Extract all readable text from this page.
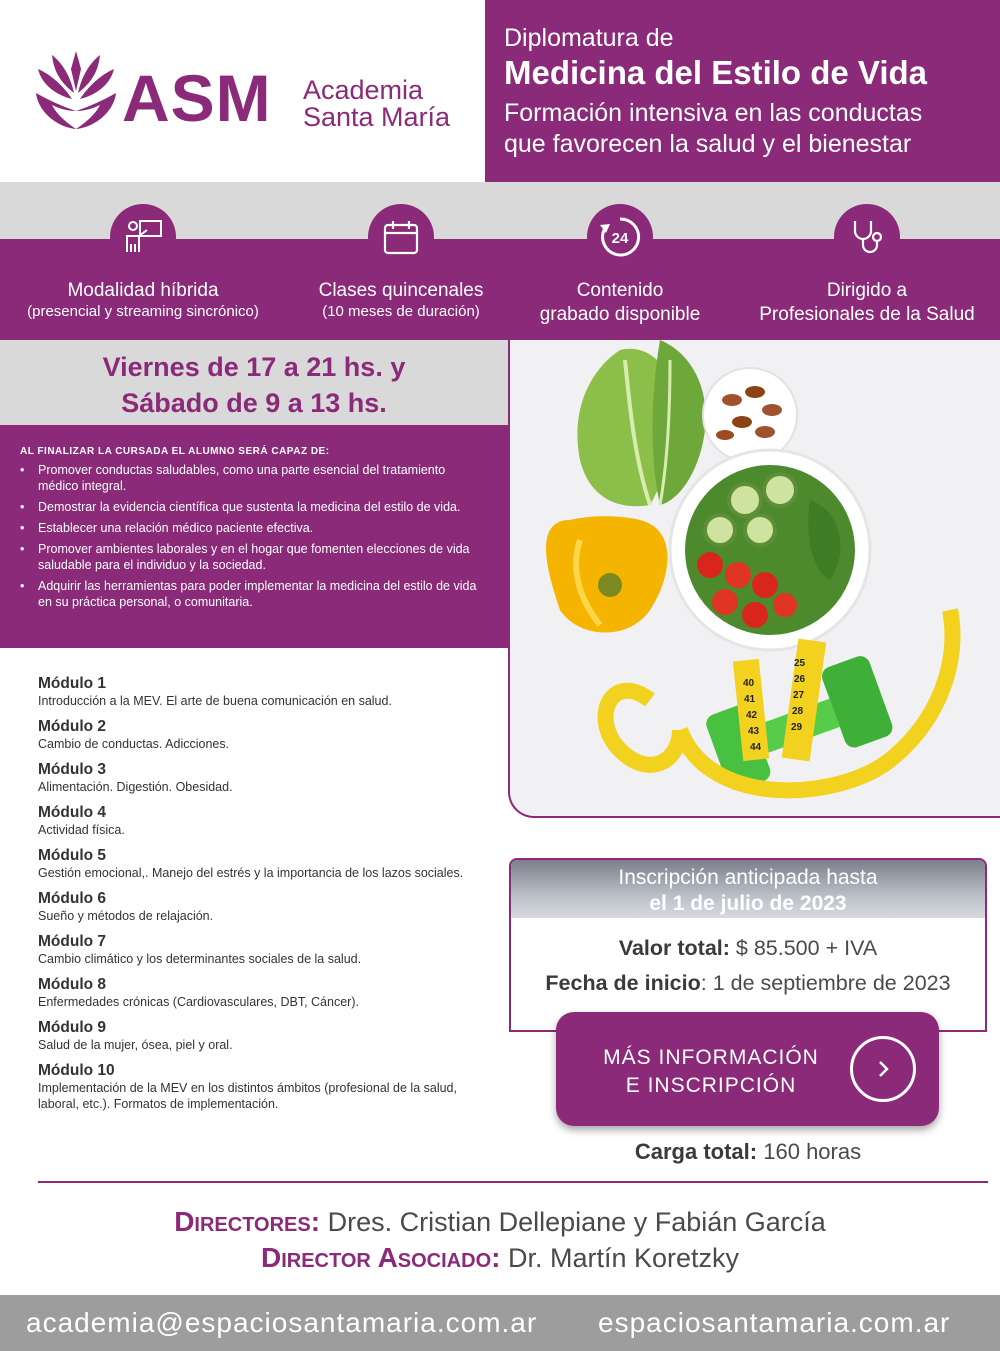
ASM Academia
Santa María
Diplomatura de
Medicina del Estilo de Vida
Formación intensiva en las conductas
que favorecen la salud y el bienestar
Modalidad híbrida
(presencial y streaming sincrónico)
Clases quincenales
(10 meses de duración)
24
Contenido
grabado disponible
Dirigido a
Profesionales de la Salud
Viernes de 17 a 21 hs. y
Sábado de 9 a 13 hs.
AL FINALIZAR LA CURSADA EL ALUMNO SERÁ CAPAZ DE:
• Promover conductas saludables, como una parte esencial del tratamiento médico integral.
• Demostrar la evidencia científica que sustenta la medicina del estilo de vida.
• Establecer una relación médico paciente efectiva.
• Promover ambientes laborales y en el hogar que fomenten elecciones de vida saludable para el individuo y la sociedad.
• Adquirir las herramientas para poder implementar la medicina del estilo de vida en su práctica personal, o comunitaria.
25
26
27
28
29
40
41
42
43
44
Módulo 1
Introducción a la MEV. El arte de buena comunicación en salud.
Módulo 2
Cambio de conductas. Adicciones.
Módulo 3
Alimentación. Digestión. Obesidad.
Módulo 4
Actividad física.
Módulo 5
Gestión emocional,. Manejo del estrés y la importancia de los lazos sociales.
Módulo 6
Sueño y métodos de relajación.
Módulo 7
Cambio climático y los determinantes sociales de la salud.
Módulo 8
Enfermedades crónicas (Cardiovasculares, DBT, Cáncer).
Módulo 9
Salud de la mujer, ósea, piel y oral.
Módulo 10
Implementación de la MEV en los distintos ámbitos (profesional de la salud, laboral, etc.). Formatos de implementación.
Inscripción anticipada hasta
el 1 de julio de 2023
Valor total: $ 85.500 + IVA
Fecha de inicio: 1 de septiembre de 2023
MÁS INFORMACIÓN
E INSCRIPCIÓN
Carga total: 160 horas
Directores: Dres. Cristian Dellepiane y Fabián García
Director Asociado: Dr. Martín Koretzky
academia@espaciosantamaria.com.ar espaciosantamaria.com.ar
